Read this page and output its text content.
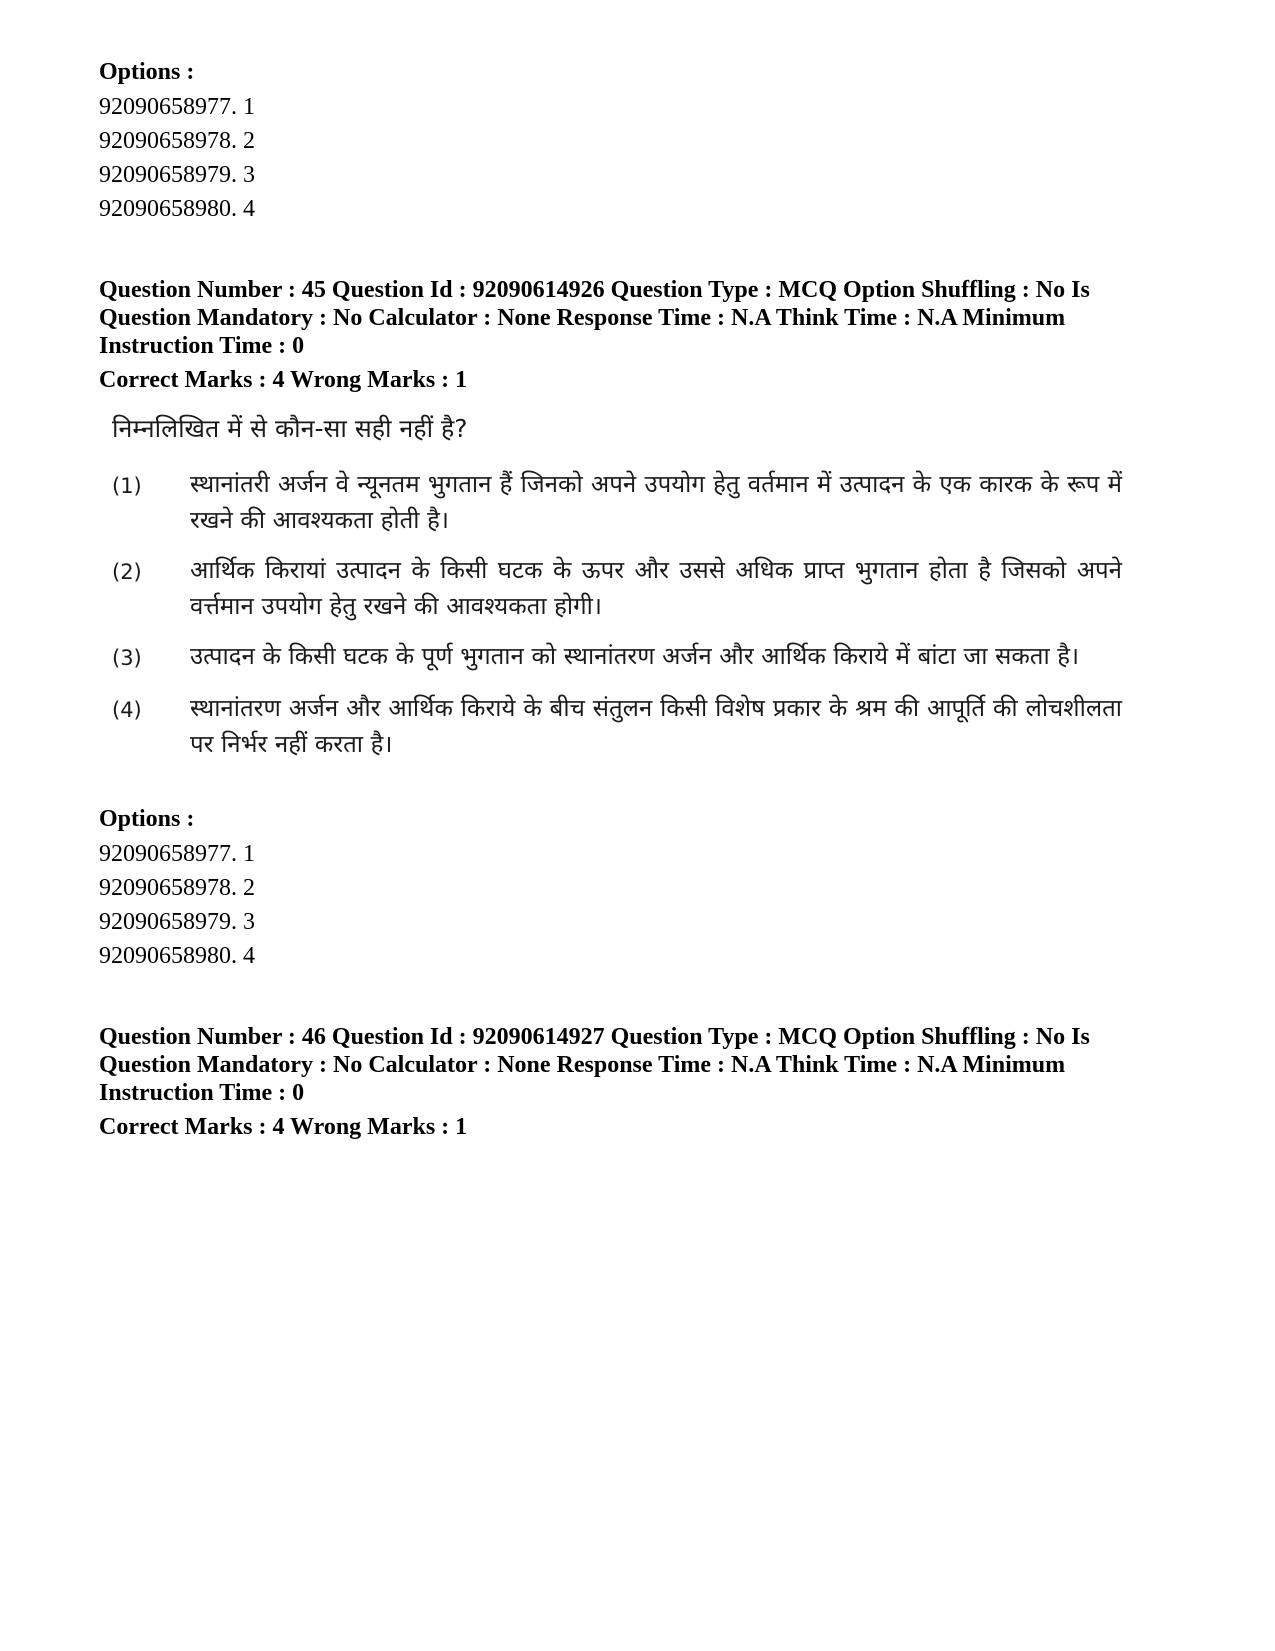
Options :

92090658977. 1
92090658978. 2
92090658979. 3
92090658980. 4

Question Number : 45 Question Id : 92090614926 Question Type : MCQ Option Shuffling : No Is Question Mandatory : No Calculator : None Response Time : N.A Think Time : N.A Minimum Instruction Time : 0

Correct Marks : 4 Wrong Marks : 1

निम्नलिखित में से कौन-सा सही नहीं है?

(1)	स्थानांतरी अर्जन वे न्यूनतम भुगतान हैं जिनको अपने उपयोग हेतु वर्तमान में उत्पादन के एक कारक के रूप में रखने की आवश्यकता होती है।
(2)	आर्थिक किरायां उत्पादन के किसी घटक के ऊपर और उससे अधिक प्राप्त भुगतान होता है जिसको अपने वर्त्तमान उपयोग हेतु रखने की आवश्यकता होगी।
(3)	उत्पादन के किसी घटक के पूर्ण भुगतान को स्थानांतरण अर्जन और आर्थिक किराये में बांटा जा सकता है।
(4)	स्थानांतरण अर्जन और आर्थिक किराये के बीच संतुलन किसी विशेष प्रकार के श्रम की आपूर्ति की लोचशीलता पर निर्भर नहीं करता है।

Options :

92090658977. 1
92090658978. 2
92090658979. 3
92090658980. 4

Question Number : 46 Question Id : 92090614927 Question Type : MCQ Option Shuffling : No Is Question Mandatory : No Calculator : None Response Time : N.A Think Time : N.A Minimum Instruction Time : 0

Correct Marks : 4 Wrong Marks : 1
